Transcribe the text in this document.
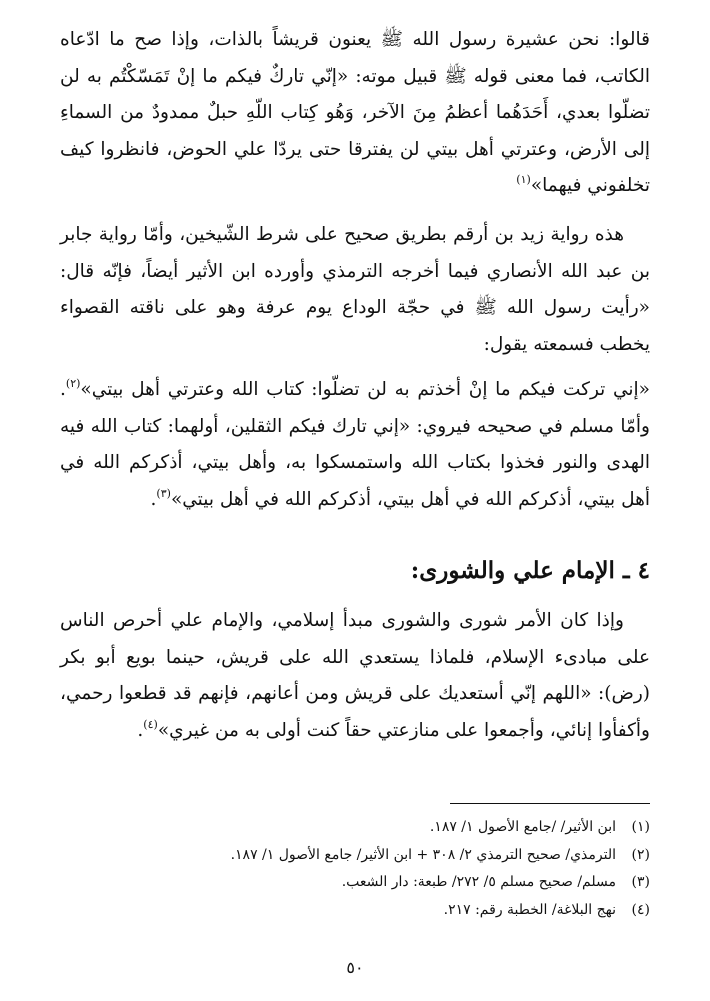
قالوا: نحن عشيرة رسول الله ﷺ يعنون قريشاً بالذات، وإذا صح ما ادّعاه الكاتب، فما معنى قوله ﷺ قبيل موته: «إنّي تاركٌ فيكم ما إنْ تَمَسّكْتُم به لن تضلّوا بعدي، أَحَدَهُما أعظمُ مِنَ الآخر، وَهُو كِتاب اللّهِ حبلٌ ممدودٌ من السماءِ إلى الأرض، وعترتي أهل بيتي لن يفترقا حتى يردّا علي الحوض، فانظروا كيف تخلفوني فيهما»$^{(١)}$

هذه رواية زيد بن أرقم بطريق صحيح على شرط الشّيخين، وأمّا رواية جابر بن عبد الله الأنصاري فيما أخرجه الترمذي وأورده ابن الأثير أيضاً، فإنّه قال: «رأيت رسول الله ﷺ في حجّة الوداع يوم عرفة وهو على ناقته القصواء يخطب فسمعته يقول:

«إني تركت فيكم ما إنْ أخذتم به لن تضلّوا: كتاب الله وعترتي أهل بيتي»$^{(٢)}$. وأمّا مسلم في صحيحه فيروي: «إني تارك فيكم الثقلين، أولهما: كتاب الله فيه الهدى والنور فخذوا بكتاب الله واستمسكوا به، وأهل بيتي، أذكركم الله في أهل بيتي، أذكركم الله في أهل بيتي، أذكركم الله في أهل بيتي»$^{(٣)}$.

٤ ـ الإمام علي والشورى:

وإذا كان الأمر شورى والشورى مبدأ إسلامي، والإمام علي أحرص الناس على مبادىء الإسلام، فلماذا يستعدي الله على قريش، حينما بويع أبو بكر (رض): «اللهم إنّي أستعديك على قريش ومن أعانهم، فإنهم قد قطعوا رحمي، وأكفأوا إنائي، وأجمعوا على منازعتي حقاً كنت أولى به من غيري»$^{(٤)}$.

(١)ابن الأثير/ /جامع الأصول ١/ ١٨٧.
(٢)الترمذي/ صحيح الترمذي ٢/ ٣٠٨ + ابن الأثير/ جامع الأصول ١/ ١٨٧.
(٣)مسلم/ صحيح مسلم ٥/ ٢٧٢/ طبعة: دار الشعب.
(٤)نهج البلاغة/ الخطبة رقم: ٢١٧.
٥٠
